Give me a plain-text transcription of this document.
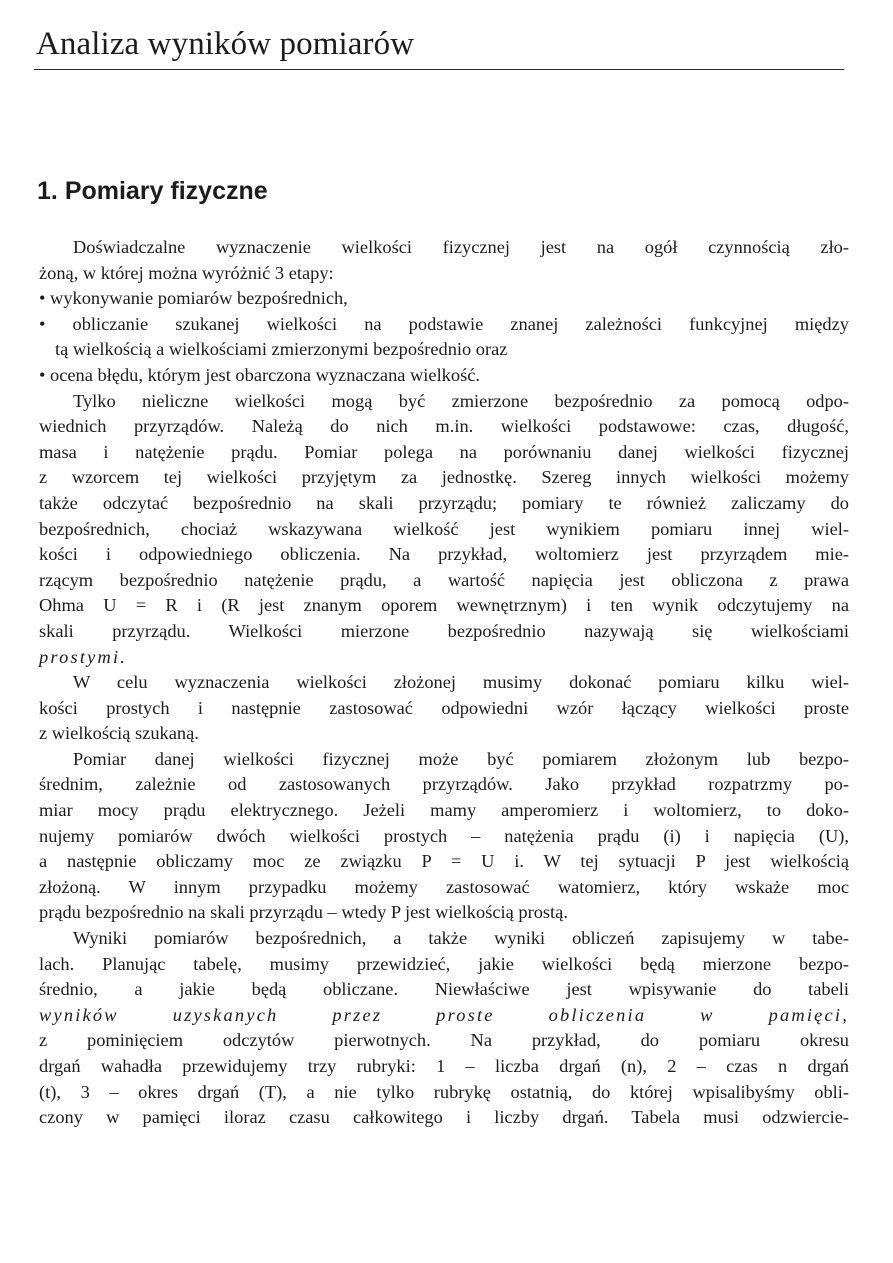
Analiza wyników pomiarów
1. Pomiary fizyczne
Doświadczalne wyznaczenie wielkości fizycznej jest na ogół czynnością zło-
żoną, w której można wyróżnić 3 etapy:
• wykonywanie pomiarów bezpośrednich,
• obliczanie szukanej wielkości na podstawie znanej zależności funkcyjnej między
tą wielkością a wielkościami zmierzonymi bezpośrednio oraz
• ocena błędu, którym jest obarczona wyznaczana wielkość.
Tylko nieliczne wielkości mogą być zmierzone bezpośrednio za pomocą odpo-
wiednich przyrządów. Należą do nich m.in. wielkości podstawowe: czas, długość,
masa i natężenie prądu. Pomiar polega na porównaniu danej wielkości fizycznej
z wzorcem tej wielkości przyjętym za jednostkę. Szereg innych wielkości możemy
także odczytać bezpośrednio na skali przyrządu; pomiary te również zaliczamy do
bezpośrednich, chociaż wskazywana wielkość jest wynikiem pomiaru innej wiel-
kości i odpowiedniego obliczenia. Na przykład, woltomierz jest przyrządem mie-
rzącym bezpośrednio natężenie prądu, a wartość napięcia jest obliczona z prawa
Ohma U = R i (R jest znanym oporem wewnętrznym) i ten wynik odczytujemy na
skali przyrządu. Wielkości mierzone bezpośrednio nazywają się wielkościami
prostymi.
W celu wyznaczenia wielkości złożonej musimy dokonać pomiaru kilku wiel-
kości prostych i następnie zastosować odpowiedni wzór łączący wielkości proste
z wielkością szukaną.
Pomiar danej wielkości fizycznej może być pomiarem złożonym lub bezpo-
średnim, zależnie od zastosowanych przyrządów. Jako przykład rozpatrzmy po-
miar mocy prądu elektrycznego. Jeżeli mamy amperomierz i woltomierz, to doko-
nujemy pomiarów dwóch wielkości prostych – natężenia prądu (i) i napięcia (U),
a następnie obliczamy moc ze związku P = U i. W tej sytuacji P jest wielkością
złożoną. W innym przypadku możemy zastosować watomierz, który wskaże moc
prądu bezpośrednio na skali przyrządu – wtedy P jest wielkością prostą.
Wyniki pomiarów bezpośrednich, a także wyniki obliczeń zapisujemy w tabe-
lach. Planując tabelę, musimy przewidzieć, jakie wielkości będą mierzone bezpo-
średnio, a jakie będą obliczane. Niewłaściwe jest wpisywanie do tabeli
wyników uzyskanych przez proste obliczenia w pamięci,
z pominięciem odczytów pierwotnych. Na przykład, do pomiaru okresu
drgań wahadła przewidujemy trzy rubryki: 1 – liczba drgań (n), 2 – czas n drgań
(t), 3 – okres drgań (T), a nie tylko rubrykę ostatnią, do której wpisalibyśmy obli-
czony w pamięci iloraz czasu całkowitego i liczby drgań. Tabela musi odzwiercie-
